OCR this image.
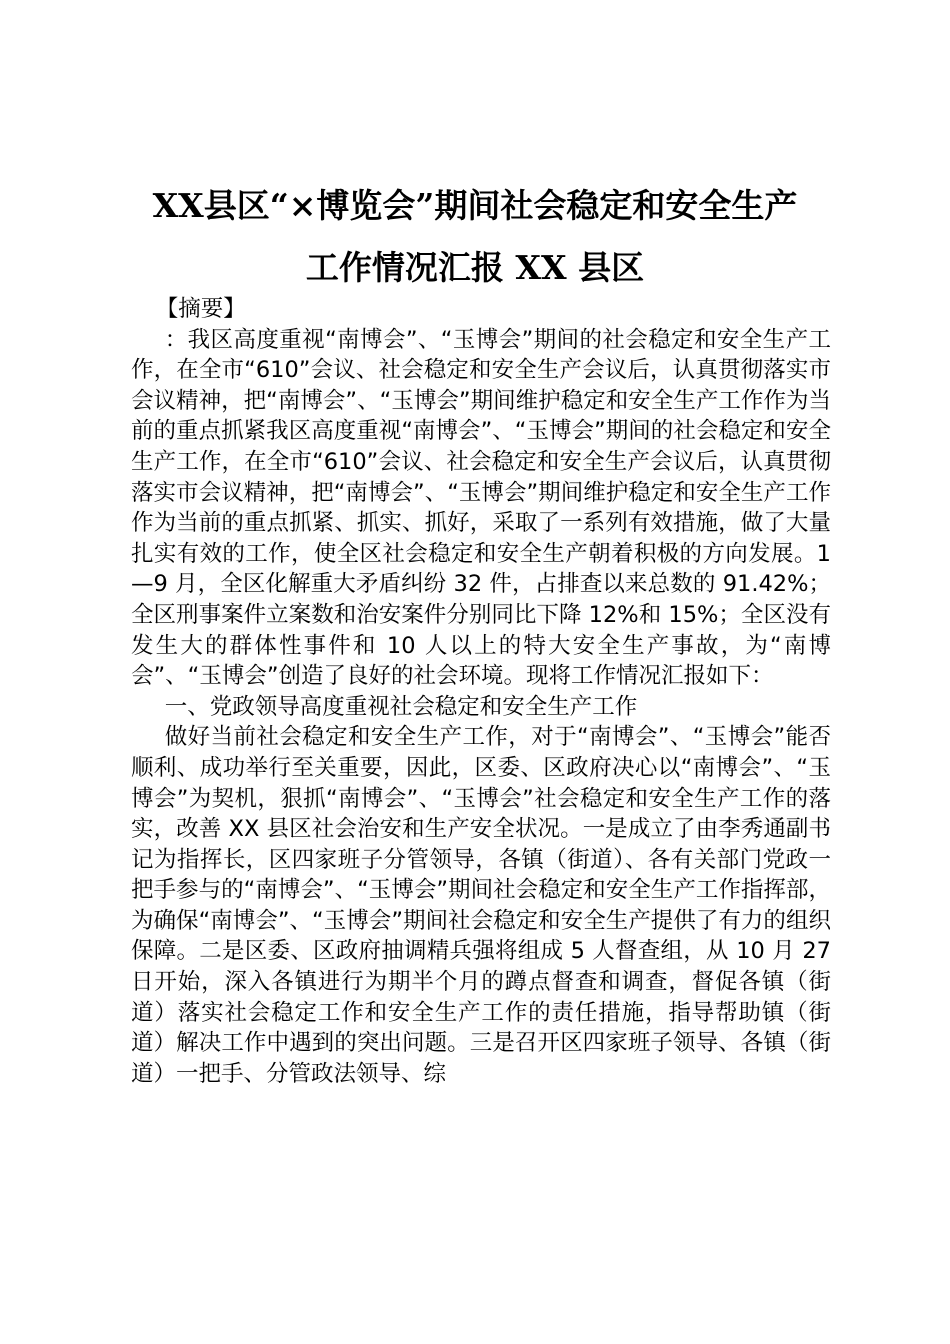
XX县区“×博览会”期间社会稳定和安全生产
工作情况汇报 XX 县区

【摘要】

：我区高度重视“南博会”、“玉博会”期间的社会稳定和安全生产工作，在全市“610”会议、社会稳定和安全生产会议后，认真贯彻落实市会议精神，把“南博会”、“玉博会”期间维护稳定和安全生产工作作为当前的重点抓紧我区高度重视“南博会”、“玉博会”期间的社会稳定和安全生产工作，在全市“610”会议、社会稳定和安全生产会议后，认真贯彻落实市会议精神，把“南博会”、“玉博会”期间维护稳定和安全生产工作作为当前的重点抓紧、抓实、抓好，采取了一系列有效措施，做了大量扎实有效的工作，使全区社会稳定和安全生产朝着积极的方向发展。1—9 月，全区化解重大矛盾纠纷 32 件，占排查以来总数的 91.42%；全区刑事案件立案数和治安案件分别同比下降 12%和 15%；全区没有发生大的群体性事件和 10 人以上的特大安全生产事故，为“南博会”、“玉博会”创造了良好的社会环境。现将工作情况汇报如下：

一、党政领导高度重视社会稳定和安全生产工作

做好当前社会稳定和安全生产工作，对于“南博会”、“玉博会”能否顺利、成功举行至关重要，因此，区委、区政府决心以“南博会”、“玉博会”为契机，狠抓“南博会”、“玉博会”社会稳定和安全生产工作的落实，改善 XX 县区社会治安和生产安全状况。一是成立了由李秀通副书记为指挥长，区四家班子分管领导，各镇（街道）、各有关部门党政一把手参与的“南博会”、“玉博会”期间社会稳定和安全生产工作指挥部，为确保“南博会”、“玉博会”期间社会稳定和安全生产提供了有力的组织保障。二是区委、区政府抽调精兵强将组成 5 人督查组，从 10 月 27 日开始，深入各镇进行为期半个月的蹲点督查和调查，督促各镇（街道）落实社会稳定工作和安全生产工作的责任措施，指导帮助镇（街道）解决工作中遇到的突出问题。三是召开区四家班子领导、各镇（街道）一把手、分管政法领导、综
